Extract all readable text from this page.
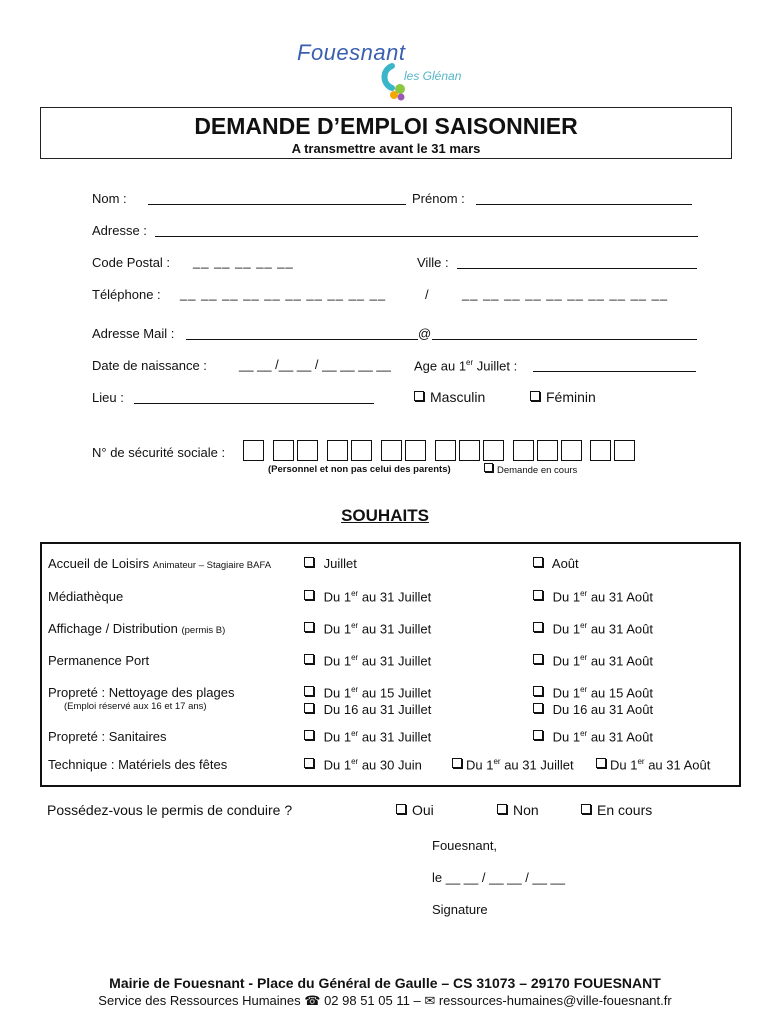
Fouesnant
les Glénan
DEMANDE D’EMPLOI SAISONNIER
A transmettre avant le 31 mars
Nom :	Prénom :
Adresse :
Code Postal : __ __ __ __ __	Ville :
Téléphone : __ __ __ __ __ __ __ __ __ __	/	__ __ __ __ __ __ __ __ __ __
Adresse Mail :	@
Date de naissance : __ __ /__ __ / __ __ __ __ Age au 1er Juillet :
Lieu :	Masculin	Féminin
N° de sécurité sociale :
(Personnel et non pas celui des parents)	Demande en cours
SOUHAITS
Accueil de Loisirs Animateur – Stagiaire BAFA	Juillet	Août
Médiathèque	Du 1er au 31 Juillet	Du 1er au 31 Août
Affichage / Distribution (permis B)	Du 1er au 31 Juillet	Du 1er au 31 Août
Permanence Port	Du 1er au 31 Juillet	Du 1er au 31 Août
Propreté : Nettoyage des plages
(Emploi réservé aux 16 et 17 ans)
Du 1er au 15 Juillet	Du 1er au 15 Août
Du 16 au 31 Juillet	Du 16 au 31 Août
Propreté : Sanitaires	Du 1er au 31 Juillet	Du 1er au 31 Août
Technique : Matériels des fêtes	Du 1er au 30 Juin	Du 1er au 31 Juillet	Du 1er au 31 Août
Possédez-vous le permis de conduire ?	Oui	Non	En cours
Fouesnant,
le __ __ / __ __ / __ __
Signature
Mairie de Fouesnant - Place du Général de Gaulle – CS 31073 – 29170 FOUESNANT
Service des Ressources Humaines ☎ 02 98 51 05 11 – ✉ ressources-humaines@ville-fouesnant.fr
